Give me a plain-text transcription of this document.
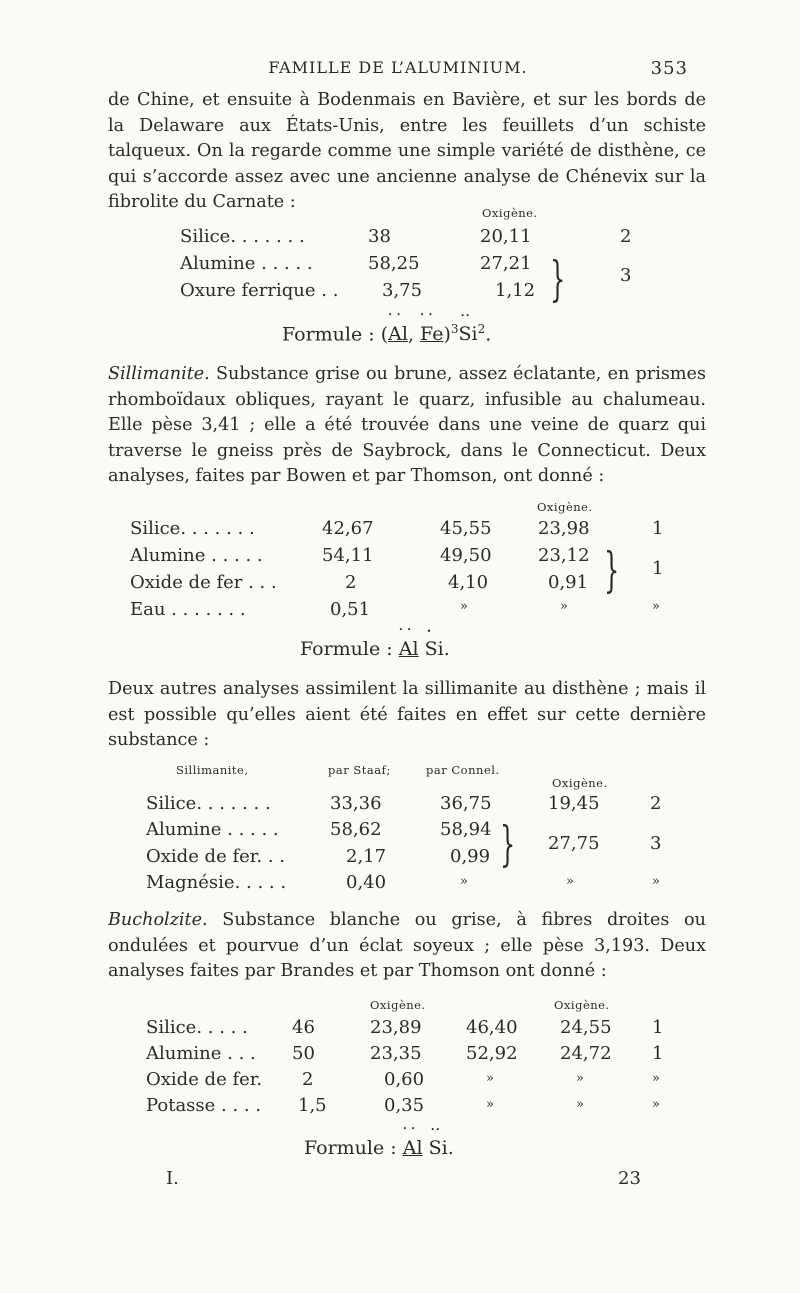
FAMILLE DE L’ALUMINIUM.	353

de Chine, et ensuite à Bodenmais en Bavière, et sur les bords de la Delaware aux États-Unis, entre les feuillets d’un schiste talqueux. On la regarde comme une simple variété de disthène, ce qui s’accorde assez avec une ancienne analyse de Chénevix sur la fibrolite du Carnate :

Oxigène.
Silice. . . . . . .	38	20,11	2
Alumine . . . . .	58,25	27,21
Oxure ferrique . . 3,75	1,12 }	3
Formule : (• • Al, • • Fe)$^3$•• Si$^2$.

Sillimanite. Substance grise ou brune, assez éclatante, en prismes rhomboïdaux obliques, rayant le quarz, infusible au chalumeau. Elle pèse 3,41 ; elle a été trouvée dans une veine de quarz qui traverse le gneiss près de Saybrock, dans le Connecticut. Deux analyses, faites par Bowen et par Thomson, ont donné :

Oxigène.
Silice. . . . . . .	42,67	45,55	23,98	1
Alumine . . . . .	54,11	49,50	23,12
Oxide de fer . . .	2	4,10	0,91
Eau . . . . . . .	0,51	»	»	»
} 1
Formule : • • Al • Si.

Deux autres analyses assimilent la sillimanite au disthène ; mais il est possible qu’elles aient été faites en effet sur cette dernière substance :

Sillimanite,	par Staaf;	par Connel.
Oxigène.
Silice. . . . . . .	33,36	36,75	19,45	2
Alumine . . . . .	58,62	58,94
Oxide de fer. . .	2,17	0,99 } 27,75	3
Magnésie. . . . .	0,40	»	»	»

Bucholzite. Substance blanche ou grise, à fibres droites ou ondulées et pourvue d’un éclat soyeux ; elle pèse 3,193. Deux analyses faites par Brandes et par Thomson ont donné :

Oxigène.	Oxigène.
Silice. . . . . 46	23,89 46,40 24,55 1
Alumine . . . 50	23,35 52,92 24,72 1
Oxide de fer. 2	0,60	»	»	»
Potasse . . . . 1,5	0,35	»	»	»
Formule : • • Al •• Si.
I.	23
